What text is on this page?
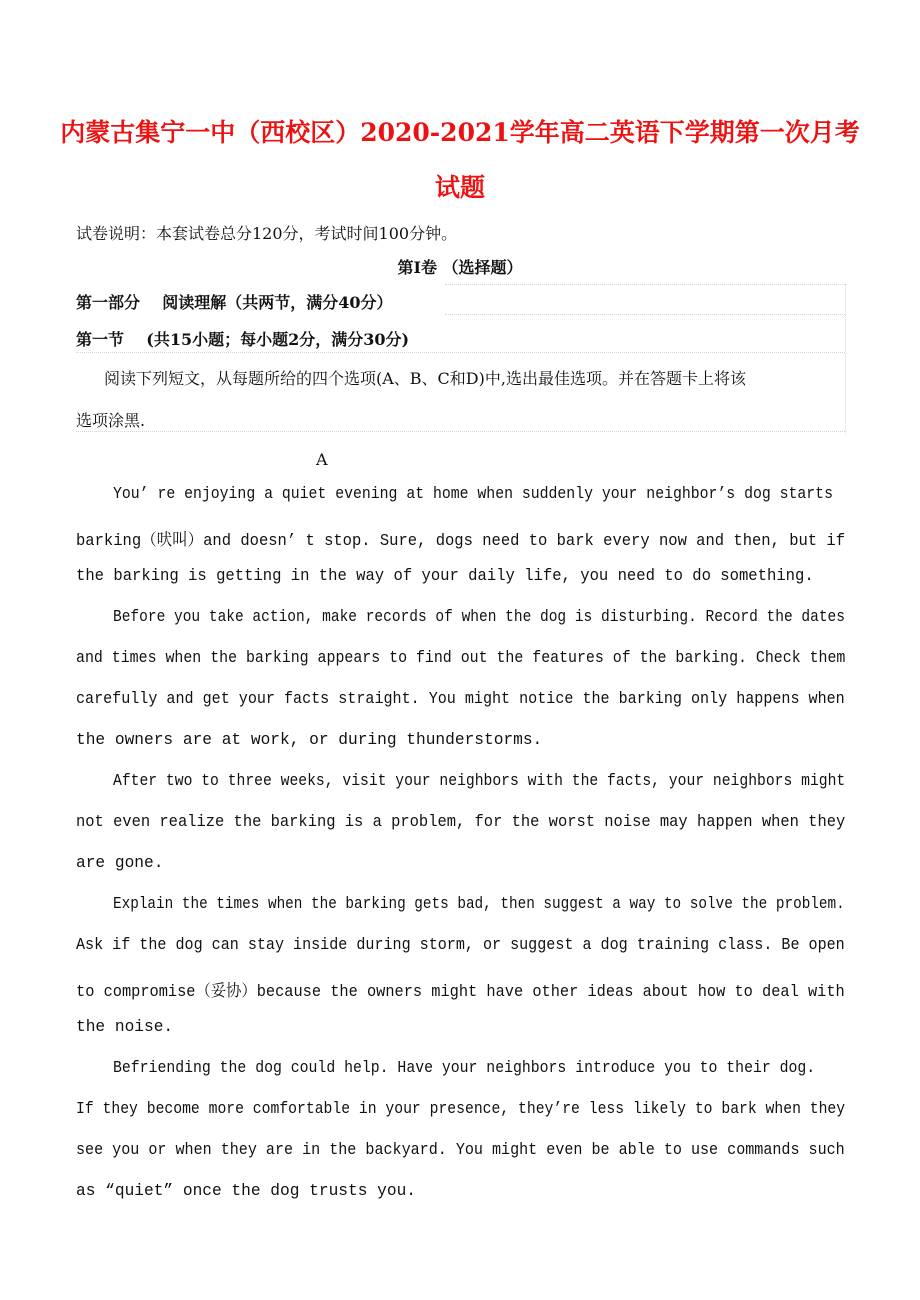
内蒙古集宁一中（西校区）2020-2021学年高二英语下学期第一次月考
试题
试卷说明：本套试卷总分120分，考试时间100分钟。
第Ⅰ卷 （选择题）
第一部分    阅读理解（共两节，满分40分）
第一节    (共15小题；每小题2分，满分30分)
阅读下列短文，从每题所给的四个选项(A、B、C和D)中,选出最佳选项。并在答题卡上将该
选项涂黑.
A
You’ re enjoying a quiet evening at home when suddenly your neighbor’s dog starts
barking（吠叫）and doesn’ t stop. Sure, dogs need to bark every now and then, but if
the barking is getting in the way of your daily life, you need to do something.
Before you take action, make records of when the dog is disturbing. Record the dates
and times when the barking appears to find out the features of the barking. Check them
carefully and get your facts straight. You might notice the barking only happens when
the owners are at work, or during thunderstorms.
After two to three weeks, visit your neighbors with the facts, your neighbors might
not even realize the barking is a problem, for the worst noise may happen when they
are gone.
Explain the times when the barking gets bad, then suggest a way to solve the problem.
Ask if the dog can stay inside during storm, or suggest a dog training class. Be open
to compromise（妥协）because the owners might have other ideas about how to deal with
the noise.
Befriending the dog could help. Have your neighbors introduce you to their dog.
If they become more comfortable in your presence, they’re less likely to bark when they
see you or when they are in the backyard. You might even be able to use commands such
as “quiet” once the dog trusts you.
